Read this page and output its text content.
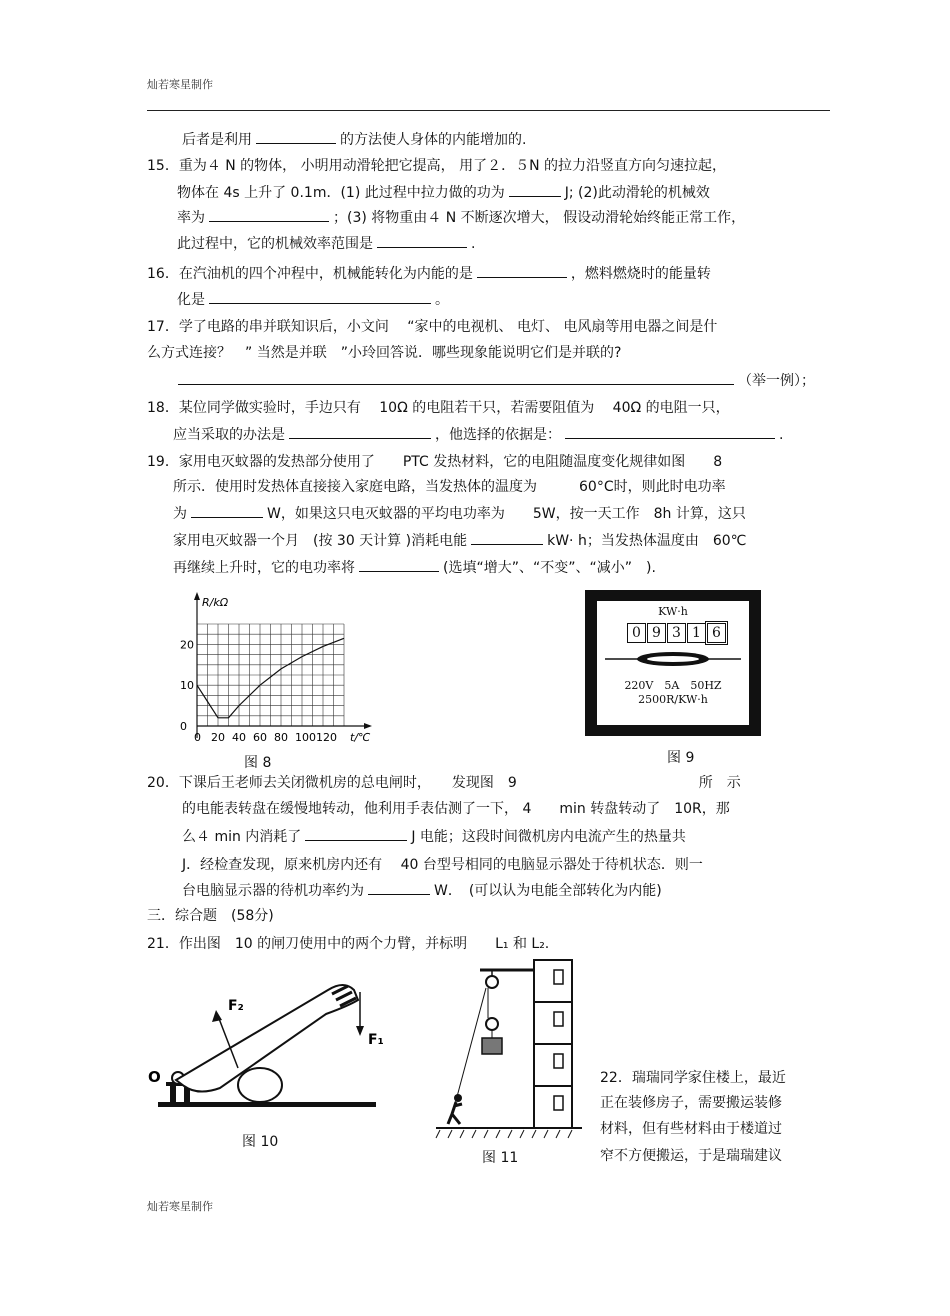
灿若寒星制作
后者是利用	的方法使人身体的内能增加的.
15．重为４ N 的物体， 小明用动滑轮把它提高， 用了２．５N 的拉力沿竖直方向匀速拉起，
物体在 4s 上升了 0.1m．(1) 此过程中拉力做的功为	J; (2)此动滑轮的机械效
率为	；(3) 将物重由４ N 不断逐次增大， 假设动滑轮始终能正常工作，
此过程中，它的机械效率范围是	.
16．在汽油机的四个冲程中，机械能转化为内能的是	，燃料燃烧时的能量转
化是	。
17．学了电路的串并联知识后，小文问　 “家中的电视机、 电灯、 电风扇等用电器之间是什
么方式连接？　” 当然是并联　”小玲回答说．哪些现象能说明它们是并联的?
（举一例）；
18．某位同学做实验时，手边只有　 10Ω 的电阻若干只，若需要阻值为　 40Ω 的电阻一只，
应当采取的办法是	，他选择的依据是：	.
19．家用电灭蚊器的发热部分使用了　　PTC 发热材料，它的电阻随温度变化规律如图　　8
所示．使用时发热体直接接入家庭电路，当发热体的温度为　　　60°C时，则此时电功率
为	W，如果这只电灭蚊器的平均电功率为　　5W，按一天工作　8h 计算，这只
家用电灭蚊器一个月　(按 30 天计算 )消耗电能	kW· h；当发热体温度由　60℃
再继续上升时，它的电功率将	(选填“增大”、“不变”、“减小”　).
20．下课后王老师去关闭微机房的总电闸时，　　发现图　9　　　　　　　　　　　　　所　示
的电能表转盘在缓慢地转动，他利用手表估测了一下， 4　　min 转盘转动了　10R，那
么４ min 内消耗了	J 电能；这段时间微机房内电流产生的热量共
J．经检查发现，原来机房内还有　 40 台型号相同的电脑显示器处于待机状态．则一
台电脑显示器的待机功率约为	W．　(可以认为电能全部转化为内能)
三．综合题　(58分)
21．作出图　10 的闸刀使用中的两个力臂，并标明　　L₁ 和 L₂.
22．瑞瑞同学家住楼上，最近
正在装修房子，需要搬运装修
材料，但有些材料由于楼道过
窄不方便搬运，于是瑞瑞建议
R/kΩ
t/℃
20
10
0
0 20 40 60 80 100 120
图 8
KW·h
0 9 3 1 6
220V　5A　50HZ
2500R/KW·h
图 9
F₂
F₁
O
图 10
图 11
灿若寒星制作
